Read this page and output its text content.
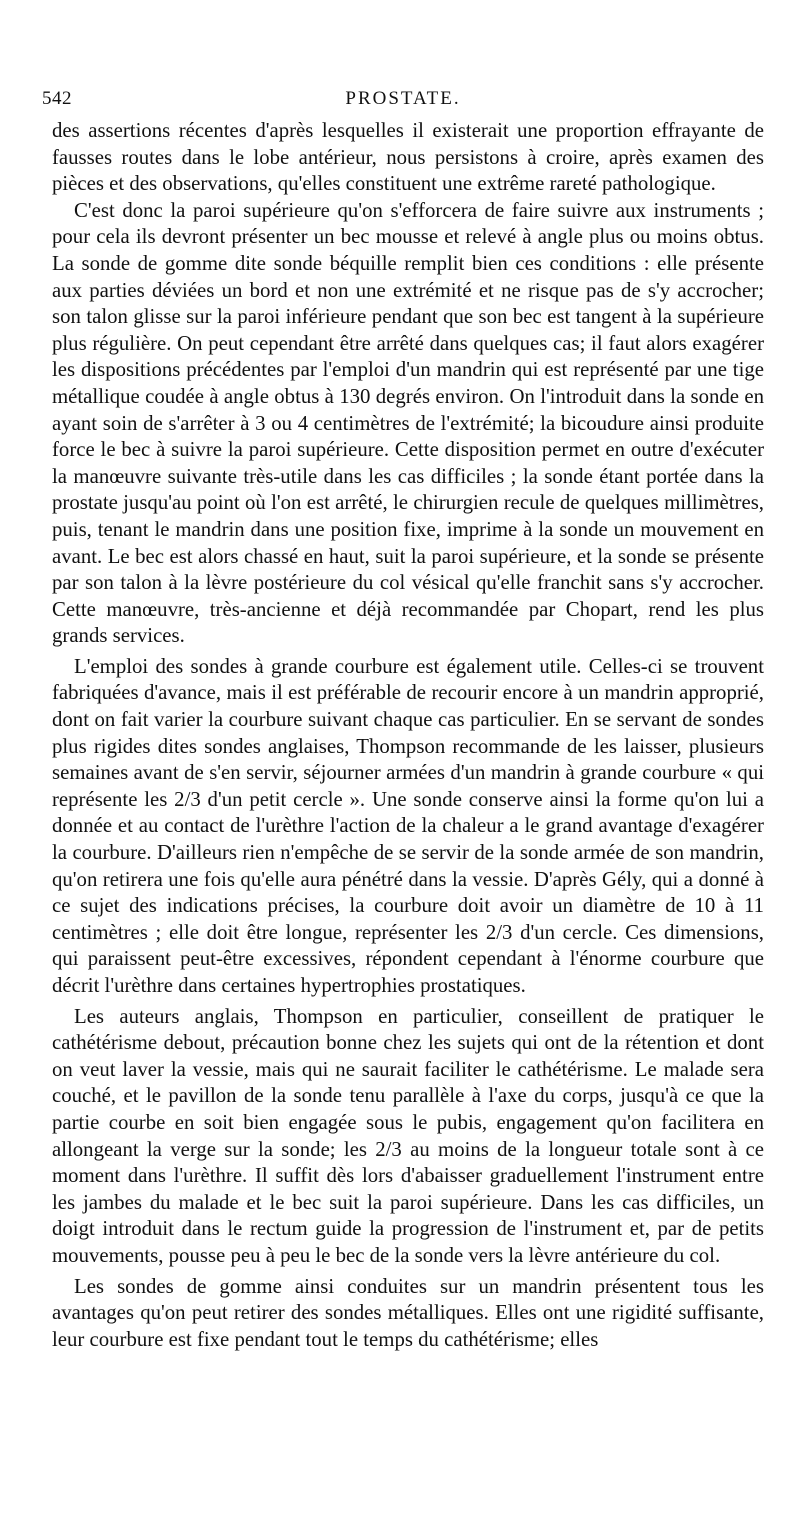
542	PROSTATE.

des assertions récentes d'après lesquelles il existerait une proportion effrayante de fausses routes dans le lobe antérieur, nous persistons à croire, après examen des pièces et des observations, qu'elles constituent une extrême rareté pathologique.

C'est donc la paroi supérieure qu'on s'efforcera de faire suivre aux instruments ; pour cela ils devront présenter un bec mousse et relevé à angle plus ou moins obtus. La sonde de gomme dite sonde béquille remplit bien ces conditions : elle présente aux parties déviées un bord et non une extrémité et ne risque pas de s'y accrocher; son talon glisse sur la paroi inférieure pendant que son bec est tangent à la supérieure plus régulière. On peut cependant être arrêté dans quelques cas; il faut alors exagérer les dispositions précédentes par l'emploi d'un mandrin qui est représenté par une tige métallique coudée à angle obtus à 130 degrés environ. On l'introduit dans la sonde en ayant soin de s'arrêter à 3 ou 4 centimètres de l'extrémité; la bicoudure ainsi produite force le bec à suivre la paroi supérieure. Cette disposition permet en outre d'exécuter la manœuvre suivante très-utile dans les cas difficiles ; la sonde étant portée dans la prostate jusqu'au point où l'on est arrêté, le chirurgien recule de quelques millimètres, puis, tenant le mandrin dans une position fixe, imprime à la sonde un mouvement en avant. Le bec est alors chassé en haut, suit la paroi supérieure, et la sonde se présente par son talon à la lèvre postérieure du col vésical qu'elle franchit sans s'y accrocher. Cette manœuvre, très-ancienne et déjà recommandée par Chopart, rend les plus grands services.

L'emploi des sondes à grande courbure est également utile. Celles-ci se trouvent fabriquées d'avance, mais il est préférable de recourir encore à un mandrin approprié, dont on fait varier la courbure suivant chaque cas particulier. En se servant de sondes plus rigides dites sondes anglaises, Thompson recommande de les laisser, plusieurs semaines avant de s'en servir, séjourner armées d'un mandrin à grande courbure « qui représente les 2/3 d'un petit cercle ». Une sonde conserve ainsi la forme qu'on lui a donnée et au contact de l'urèthre l'action de la chaleur a le grand avantage d'exagérer la courbure. D'ailleurs rien n'empêche de se servir de la sonde armée de son mandrin, qu'on retirera une fois qu'elle aura pénétré dans la vessie. D'après Gély, qui a donné à ce sujet des indications précises, la courbure doit avoir un diamètre de 10 à 11 centimètres ; elle doit être longue, représenter les 2/3 d'un cercle. Ces dimensions, qui paraissent peut-être excessives, répondent cependant à l'énorme courbure que décrit l'urèthre dans certaines hypertrophies prostatiques.

Les auteurs anglais, Thompson en particulier, conseillent de pratiquer le cathétérisme debout, précaution bonne chez les sujets qui ont de la rétention et dont on veut laver la vessie, mais qui ne saurait faciliter le cathétérisme. Le malade sera couché, et le pavillon de la sonde tenu parallèle à l'axe du corps, jusqu'à ce que la partie courbe en soit bien engagée sous le pubis, engagement qu'on facilitera en allongeant la verge sur la sonde; les 2/3 au moins de la longueur totale sont à ce moment dans l'urèthre. Il suffit dès lors d'abaisser graduellement l'instrument entre les jambes du malade et le bec suit la paroi supérieure. Dans les cas difficiles, un doigt introduit dans le rectum guide la progression de l'instrument et, par de petits mouvements, pousse peu à peu le bec de la sonde vers la lèvre antérieure du col.

Les sondes de gomme ainsi conduites sur un mandrin présentent tous les avantages qu'on peut retirer des sondes métalliques. Elles ont une rigidité suffisante, leur courbure est fixe pendant tout le temps du cathétérisme; elles
